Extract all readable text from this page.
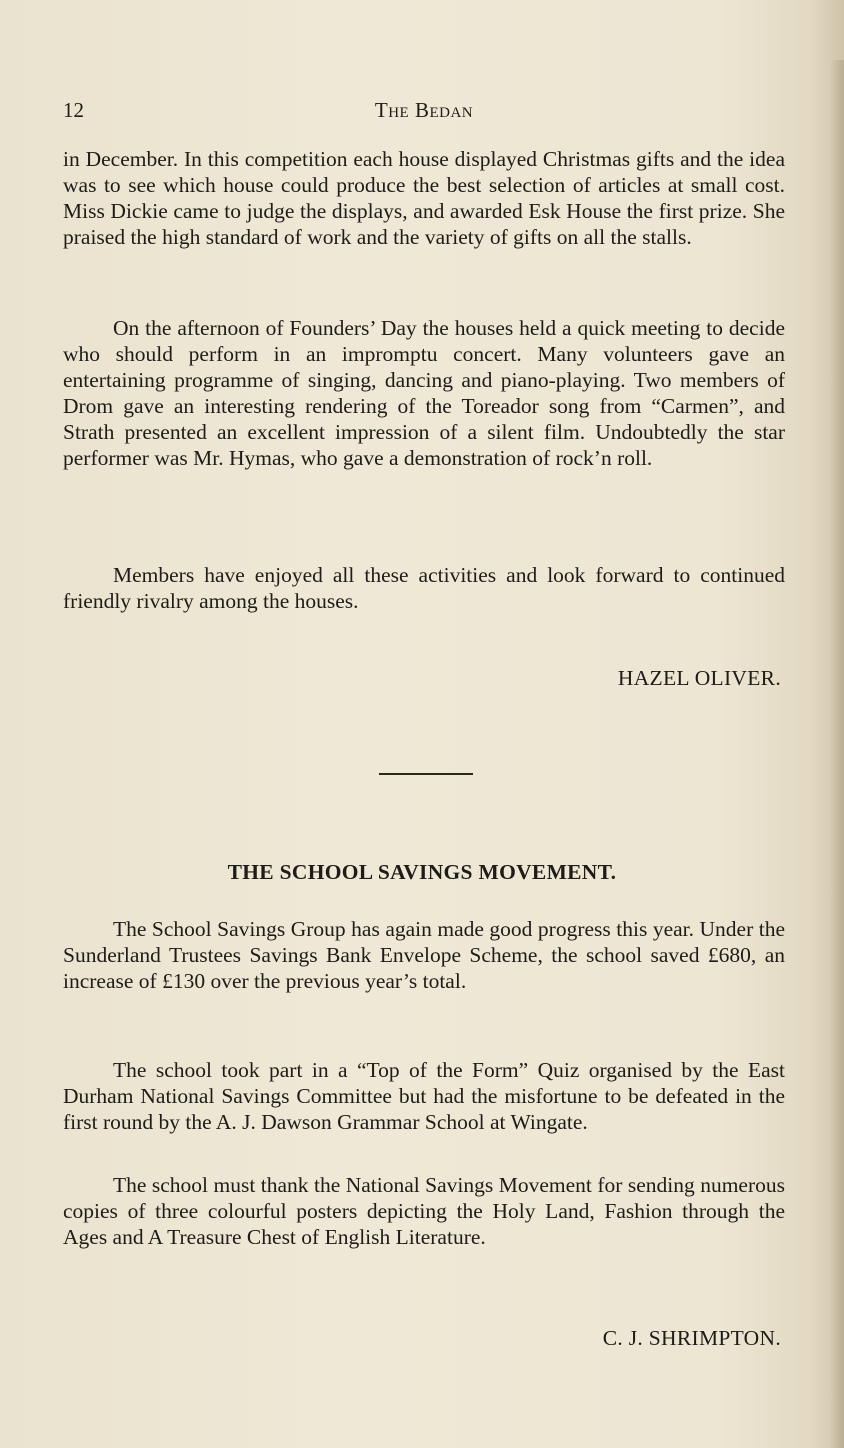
12	The Bedan

in December. In this competition each house displayed Christmas gifts and the idea was to see which house could produce the best selection of articles at small cost. Miss Dickie came to judge the displays, and awarded Esk House the first prize. She praised the high standard of work and the variety of gifts on all the stalls.

On the afternoon of Founders’ Day the houses held a quick meeting to decide who should perform in an impromptu concert. Many volunteers gave an entertaining programme of singing, dancing and piano-playing. Two members of Drom gave an interesting rendering of the Toreador song from “Carmen”, and Strath presented an excellent impression of a silent film. Undoubtedly the star performer was Mr. Hymas, who gave a demonstration of rock’n roll.

Members have enjoyed all these activities and look forward to continued friendly rivalry among the houses.

HAZEL OLIVER.
THE SCHOOL SAVINGS MOVEMENT.

The School Savings Group has again made good progress this year. Under the Sunderland Trustees Savings Bank Envelope Scheme, the school saved £680, an increase of £130 over the previous year’s total.

The school took part in a “Top of the Form” Quiz organised by the East Durham National Savings Committee but had the misfortune to be defeated in the first round by the A. J. Dawson Grammar School at Wingate.

The school must thank the National Savings Movement for sending numerous copies of three colourful posters depicting the Holy Land, Fashion through the Ages and A Treasure Chest of English Literature.

C. J. SHRIMPTON.
